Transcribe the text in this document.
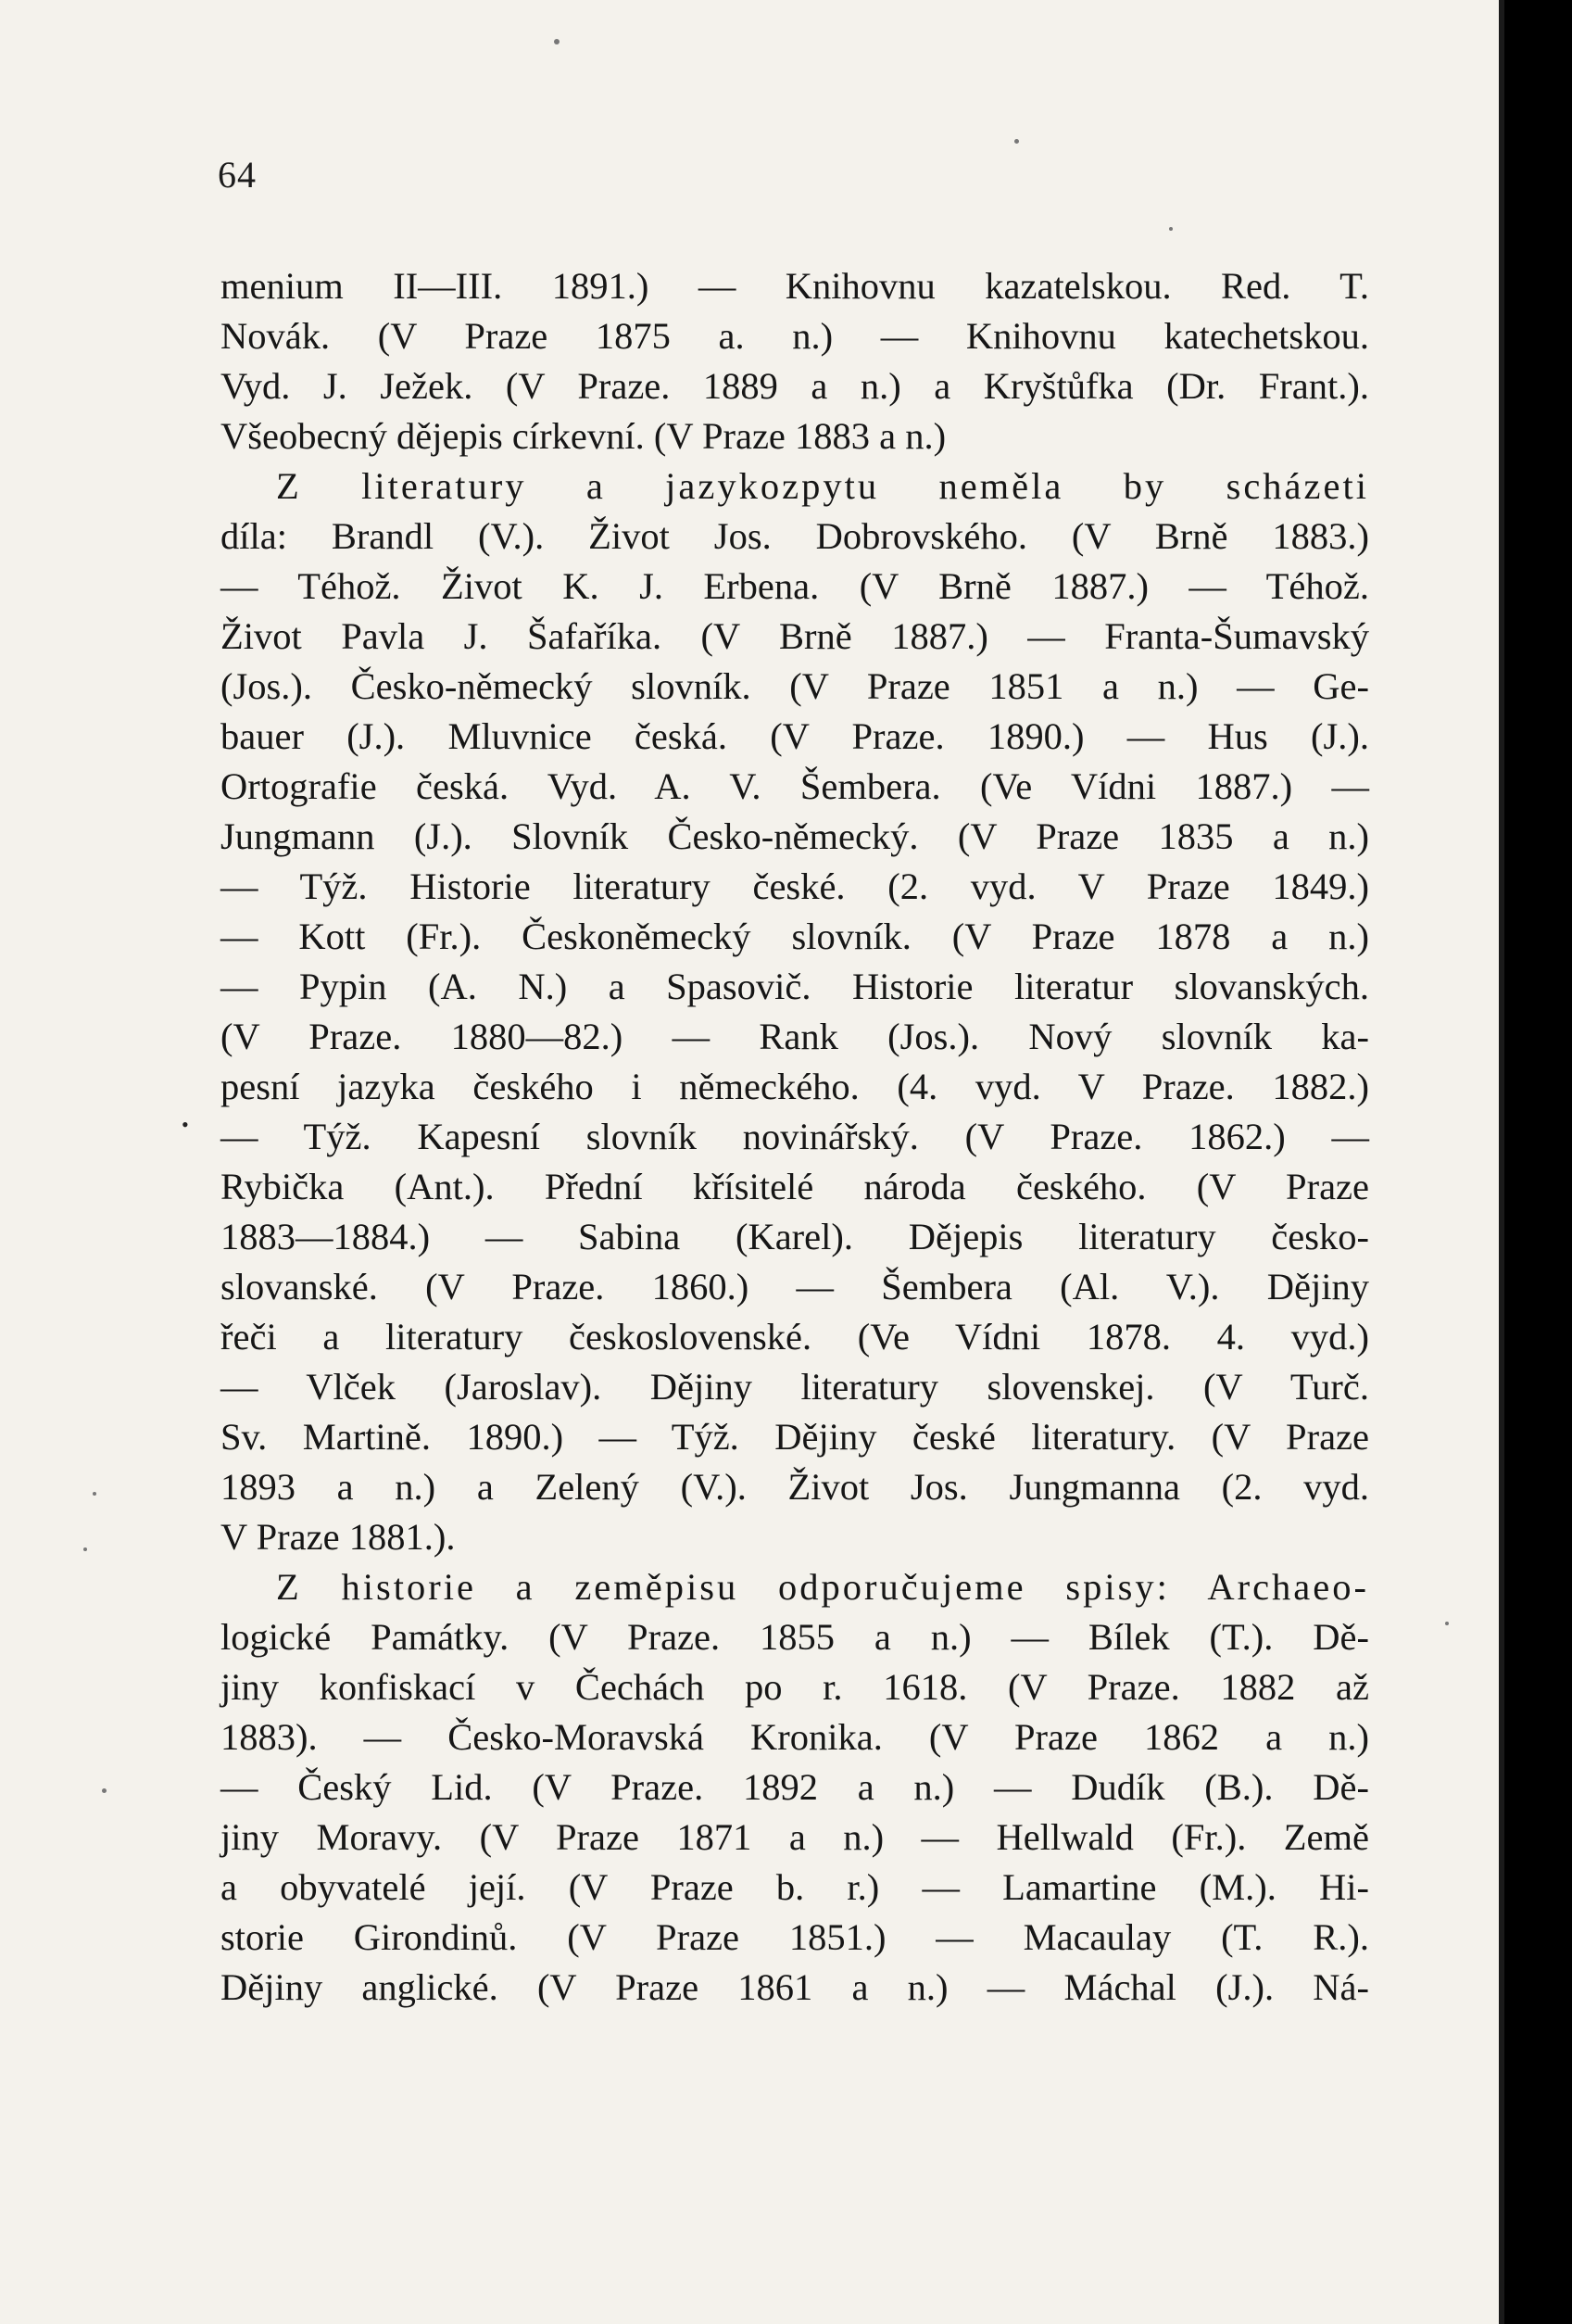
64
menium II—III. 1891.) — Knihovnu kazatelskou. Red. T.
Novák. (V Praze 1875 a. n.) — Knihovnu katechetskou.
Vyd. J. Ježek. (V Praze. 1889 a n.) a Kryštůfka (Dr. Frant.).
Všeobecný dějepis církevní. (V Praze 1883 a n.)
Z literatury a jazykozpytu neměla by scházeti
díla: Brandl (V.). Život Jos. Dobrovského. (V Brně 1883.)
— Téhož. Život K. J. Erbena. (V Brně 1887.) — Téhož.
Život Pavla J. Šafaříka. (V Brně 1887.) — Franta-Šumavský
(Jos.). Česko-německý slovník. (V Praze 1851 a n.) — Ge-
bauer (J.). Mluvnice česká. (V Praze. 1890.) — Hus (J.).
Ortografie česká. Vyd. A. V. Šembera. (Ve Vídni 1887.) —
Jungmann (J.). Slovník Česko-německý. (V Praze 1835 a n.)
— Týž. Historie literatury české. (2. vyd. V Praze 1849.)
— Kott (Fr.). Českoněmecký slovník. (V Praze 1878 a n.)
— Pypin (A. N.) a Spasovič. Historie literatur slovanských.
(V Praze. 1880—82.) — Rank (Jos.). Nový slovník ka-
pesní jazyka českého i německého. (4. vyd. V Praze. 1882.)
— Týž. Kapesní slovník novinářský. (V Praze. 1862.) —
Rybička (Ant.). Přední křísitelé národa českého. (V Praze
1883—1884.) — Sabina (Karel). Dějepis literatury česko-
slovanské. (V Praze. 1860.) — Šembera (Al. V.). Dějiny
řeči a literatury československé. (Ve Vídni 1878. 4. vyd.)
— Vlček (Jaroslav). Dějiny literatury slovenskej. (V Turč.
Sv. Martině. 1890.) — Týž. Dějiny české literatury. (V Praze
1893 a n.) a Zelený (V.). Život Jos. Jungmanna (2. vyd.
V Praze 1881.).
Z historie a zeměpisu odporučujeme spisy: Archaeo-
logické Památky. (V Praze. 1855 a n.) — Bílek (T.). Dě-
jiny konfiskací v Čechách po r. 1618. (V Praze. 1882 až
1883). — Česko-Moravská Kronika. (V Praze 1862 a n.)
— Český Lid. (V Praze. 1892 a n.) — Dudík (B.). Dě-
jiny Moravy. (V Praze 1871 a n.) — Hellwald (Fr.). Země
a obyvatelé její. (V Praze b. r.) — Lamartine (M.). Hi-
storie Girondinů. (V Praze 1851.) — Macaulay (T. R.).
Dějiny anglické. (V Praze 1861 a n.) — Máchal (J.). Ná-
•
